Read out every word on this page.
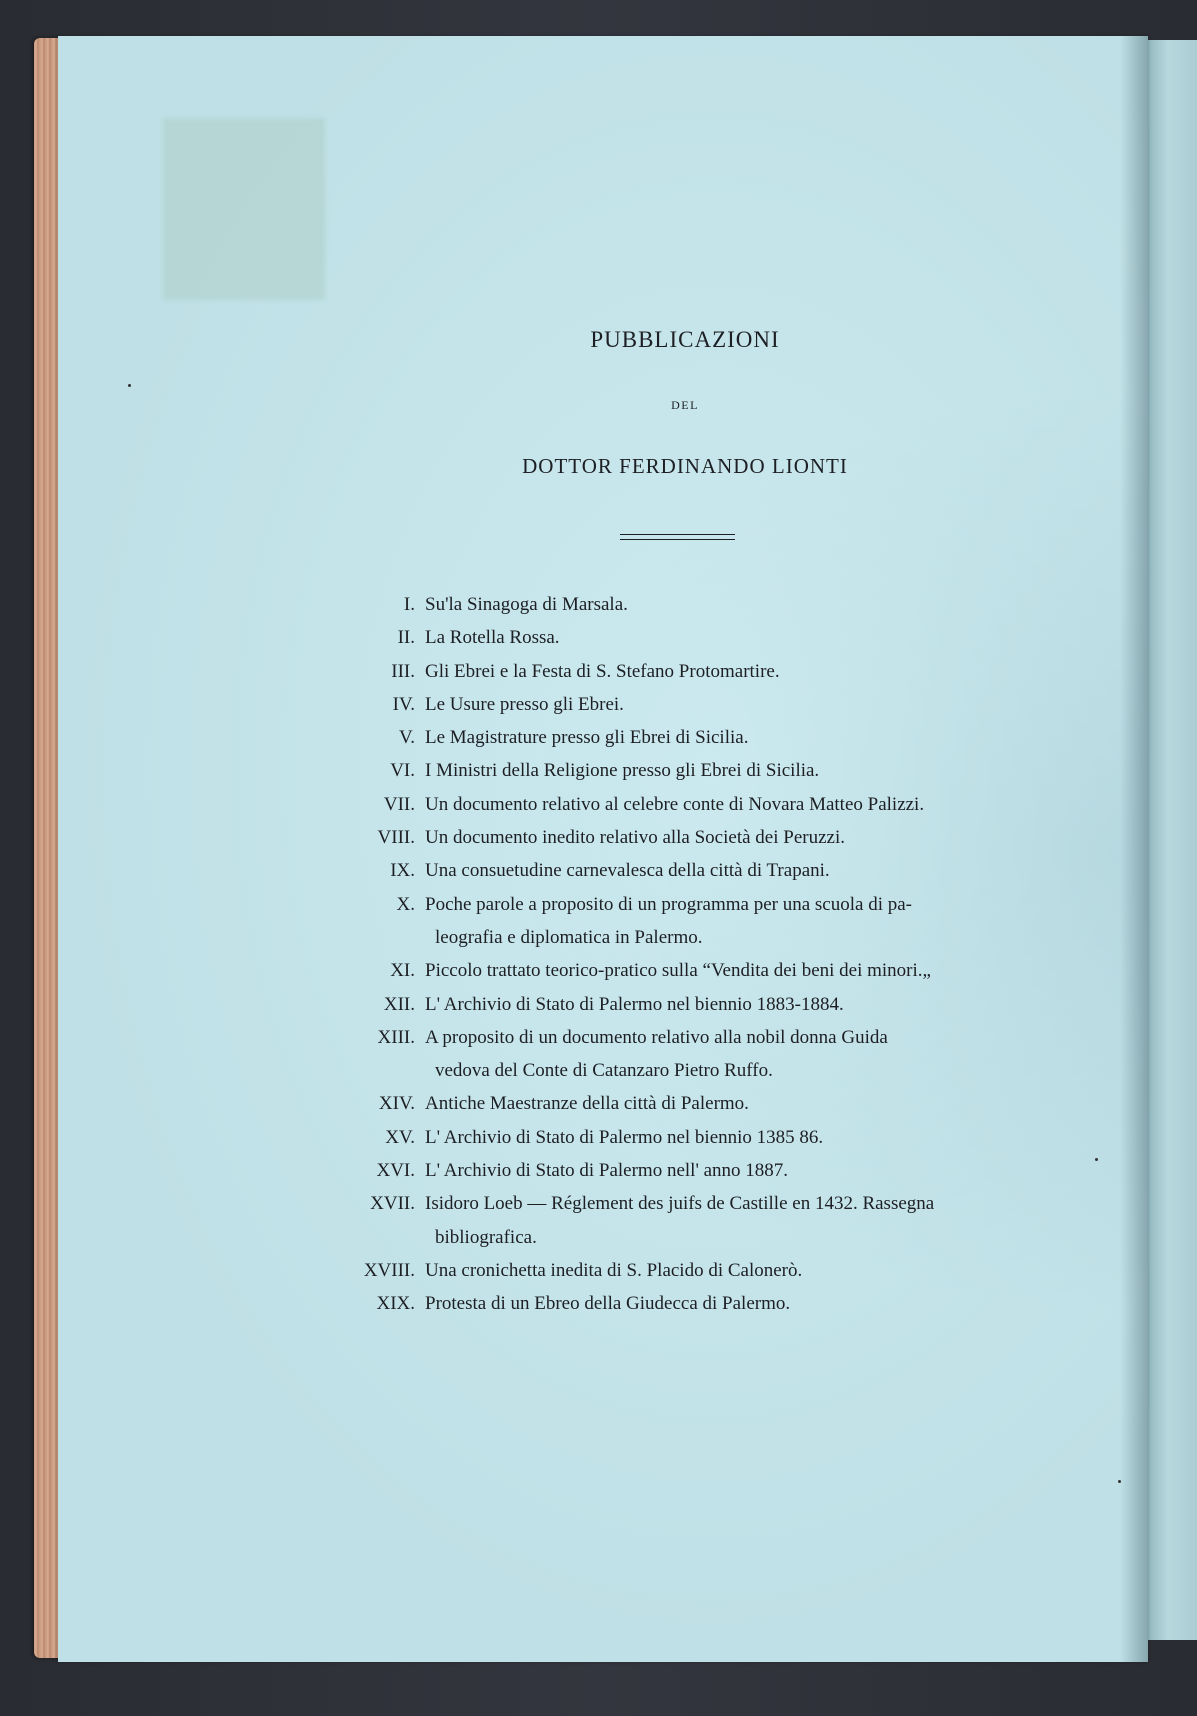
PUBBLICAZIONI
DEL
DOTTOR FERDINANDO LIONTI
I. Su'la Sinagoga di Marsala.
II. La Rotella Rossa.
III. Gli Ebrei e la Festa di S. Stefano Protomartire.
IV. Le Usure presso gli Ebrei.
V. Le Magistrature presso gli Ebrei di Sicilia.
VI. I Ministri della Religione presso gli Ebrei di Sicilia.
VII. Un documento relativo al celebre conte di Novara Matteo Palizzi.
VIII. Un documento inedito relativo alla Società dei Peruzzi.
IX. Una consuetudine carnevalesca della città di Trapani.
X. Poche parole a proposito di un programma per una scuola di pa-
leografia e diplomatica in Palermo.
XI. Piccolo trattato teorico-pratico sulla “Vendita dei beni dei minori.„
XII. L' Archivio di Stato di Palermo nel biennio 1883-1884.
XIII. A proposito di un documento relativo alla nobil donna Guida
vedova del Conte di Catanzaro Pietro Ruffo.
XIV. Antiche Maestranze della città di Palermo.
XV. L' Archivio di Stato di Palermo nel biennio 1385 86.
XVI. L' Archivio di Stato di Palermo nell' anno 1887.
XVII. Isidoro Loeb — Réglement des juifs de Castille en 1432. Rassegna
bibliografica.
XVIII. Una cronichetta inedita di S. Placido di Calonerò.
XIX. Protesta di un Ebreo della Giudecca di Palermo.
